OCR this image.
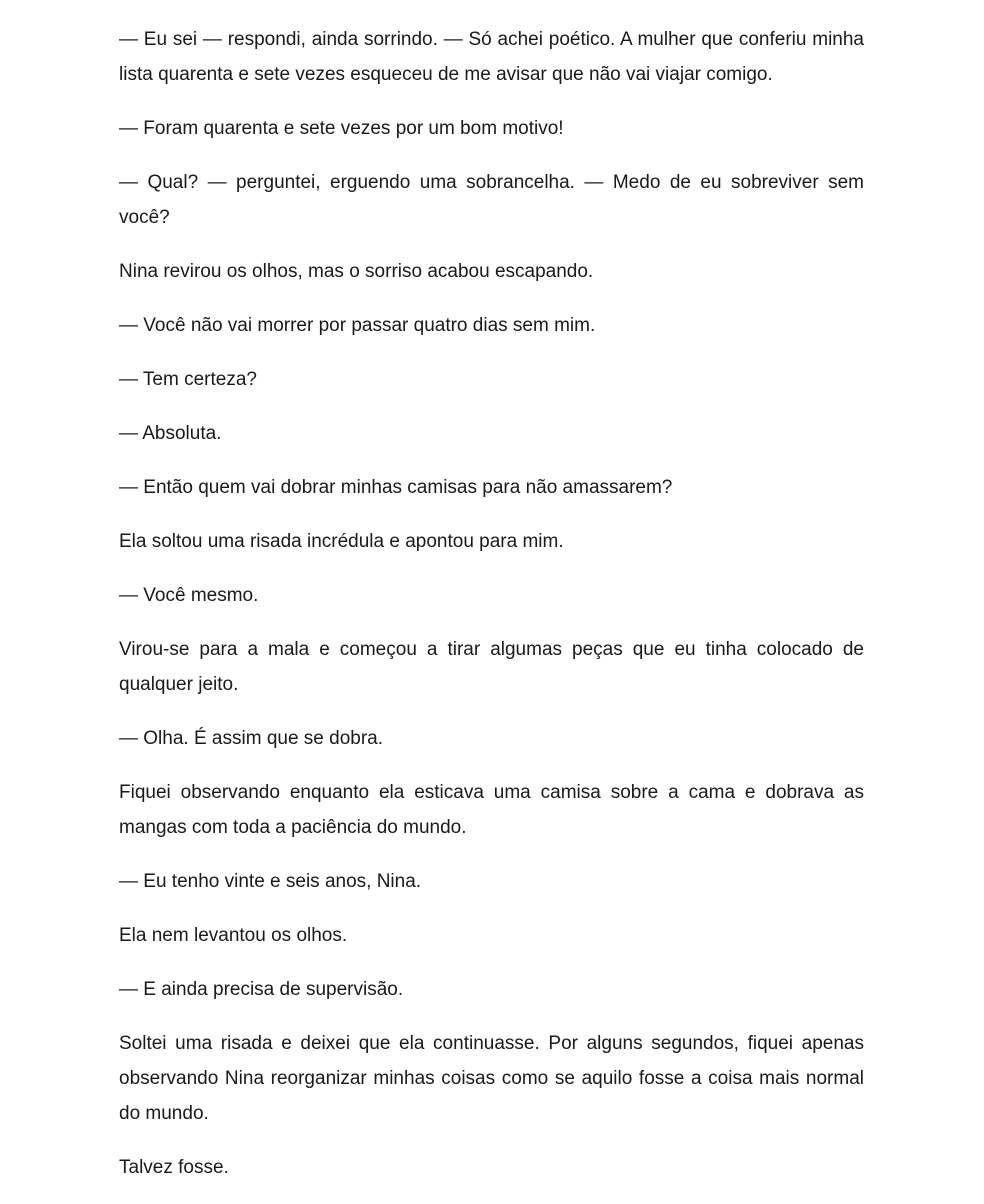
— Eu sei — respondi, ainda sorrindo. — Só achei poético. A mulher que conferiu minha lista quarenta e sete vezes esqueceu de me avisar que não vai viajar comigo.

— Foram quarenta e sete vezes por um bom motivo!

— Qual? — perguntei, erguendo uma sobrancelha. — Medo de eu sobreviver sem você?

Nina revirou os olhos, mas o sorriso acabou escapando.

— Você não vai morrer por passar quatro dias sem mim.

— Tem certeza?

— Absoluta.

— Então quem vai dobrar minhas camisas para não amassarem?

Ela soltou uma risada incrédula e apontou para mim.

— Você mesmo.

Virou-se para a mala e começou a tirar algumas peças que eu tinha colocado de qualquer jeito.

— Olha. É assim que se dobra.

Fiquei observando enquanto ela esticava uma camisa sobre a cama e dobrava as mangas com toda a paciência do mundo.

— Eu tenho vinte e seis anos, Nina.

Ela nem levantou os olhos.

— E ainda precisa de supervisão.

Soltei uma risada e deixei que ela continuasse. Por alguns segundos, fiquei apenas observando Nina reorganizar minhas coisas como se aquilo fosse a coisa mais normal do mundo.

Talvez fosse.
